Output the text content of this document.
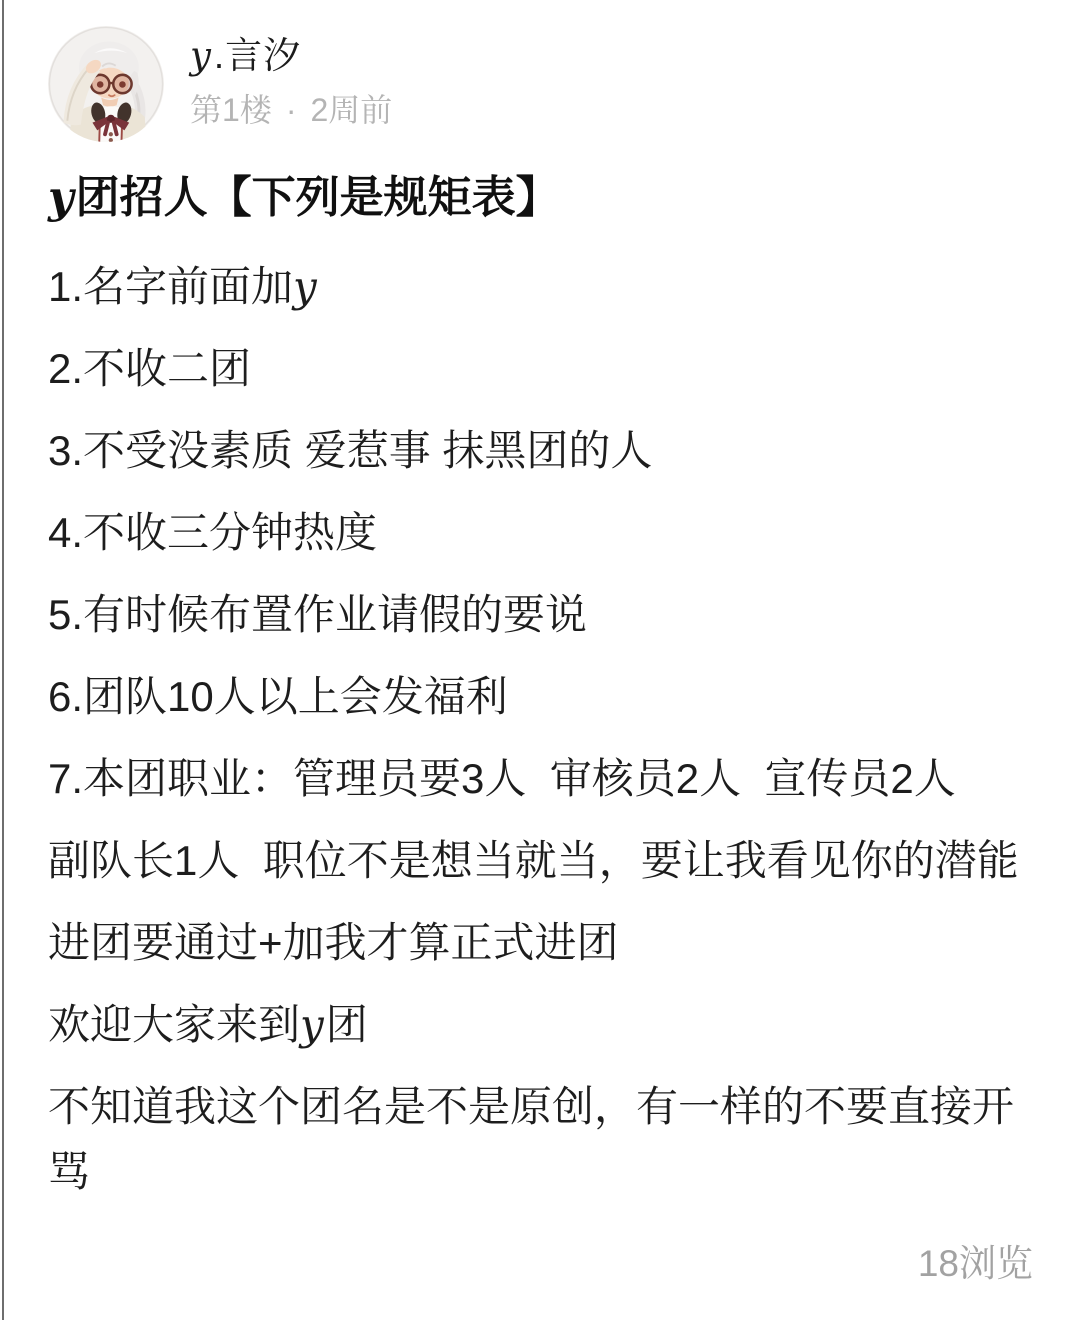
y.言汐
第1楼 · 2周前
y团招人【下列是规矩表】

1.名字前面加y

2.不收二团

3.不受没素质 爱惹事 抹黑团的人

4.不收三分钟热度

5.有时候布置作业请假的要说

6.团队10人以上会发福利

7.本团职业：管理员要3人  审核员2人  宣传员2人

副队长1人  职位不是想当就当，要让我看见你的潜能

进团要通过+加我才算正式进团

欢迎大家来到y团

不知道我这个团名是不是原创，有一样的不要直接开骂

18浏览
